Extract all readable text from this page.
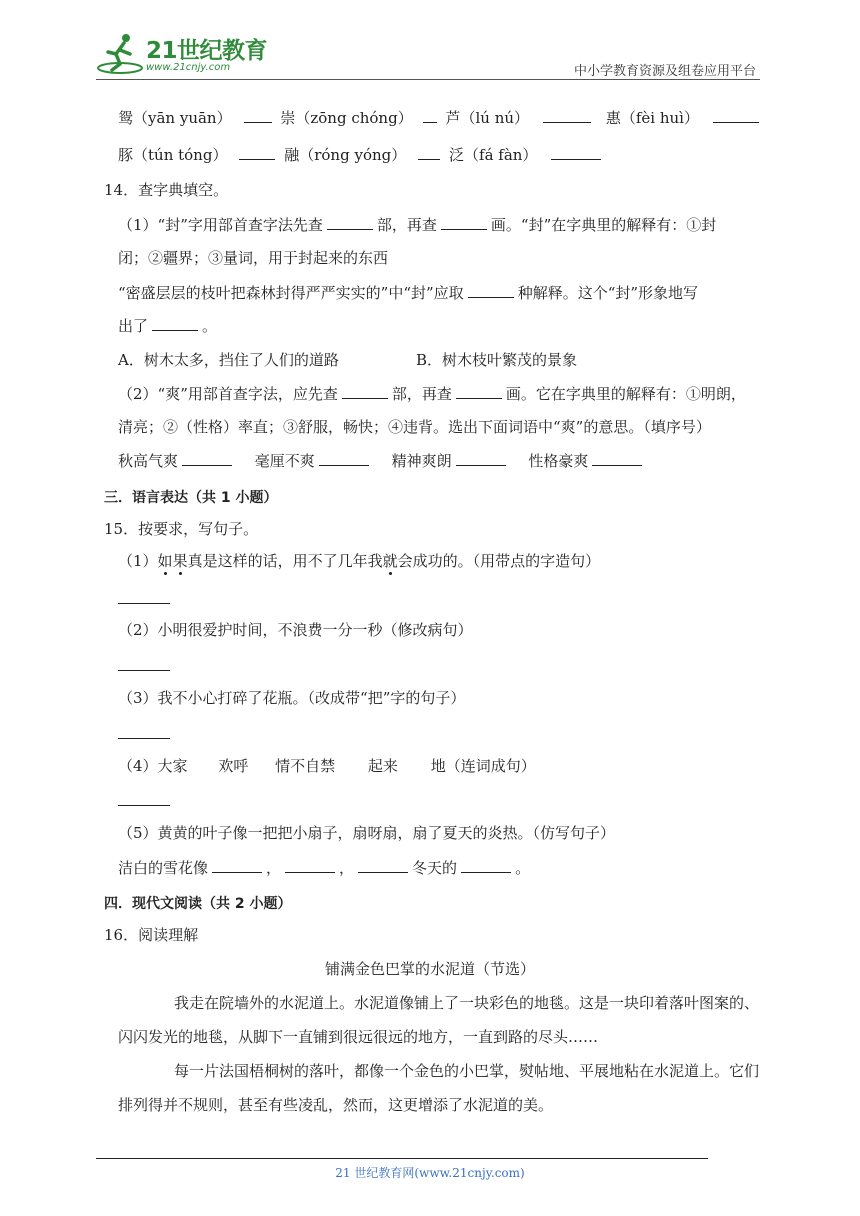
21世纪教育
www.21cnjy.com	中小学教育资源及组卷应用平台
鸳（yān yuān）	崇（zōng chóng） 芦（lú nú）	惠（fèi huì）
豚（tún tóng）	融（róng yóng）	泛（fá fàn）
14．查字典填空。
（1）“封”字用部首查字法先查	部，再查	画。“封”在字典里的解释有：①封
闭；②疆界；③量词，用于封起来的东西
“密盛层层的枝叶把森林封得严严实实的”中“封”应取	种解释。这个“封”形象地写
出了	。
A．树木太多，挡住了人们的道路	B．树木枝叶繁茂的景象
（2）“爽”用部首查字法，应先查	部，再查	画。它在字典里的解释有：①明朗，
清亮；②（性格）率直；③舒服，畅快；④违背。选出下面词语中“爽”的意思。（填序号）
秋高气爽	毫厘不爽	精神爽朗	性格豪爽
三．语言表达（共 1 小题）
15．按要求，写句子。
（1）如果真是这样的话，用不了几年我就会成功的。（用带点的字造句）
（2）小明很爱护时间，不浪费一分一秒（修改病句）
（3）我不小心打碎了花瓶。（改成带“把”字的句子）
（4）大家 欢呼 情不自禁 起来 地（连词成句）
（5）黄黄的叶子像一把把小扇子，扇呀扇，扇了夏天的炎热。（仿写句子）
洁白的雪花像	，	，	冬天的	。
四．现代文阅读（共 2 小题）
16．阅读理解
铺满金色巴掌的水泥道（节选）
我走在院墙外的水泥道上。水泥道像铺上了一块彩色的地毯。这是一块印着落叶图案的、
闪闪发光的地毯，从脚下一直铺到很远很远的地方，一直到路的尽头……
每一片法国梧桐树的落叶，都像一个金色的小巴掌，熨帖地、平展地粘在水泥道上。它们
排列得并不规则，甚至有些凌乱，然而，这更增添了水泥道的美。
21 世纪教育网(www.21cnjy.com)
